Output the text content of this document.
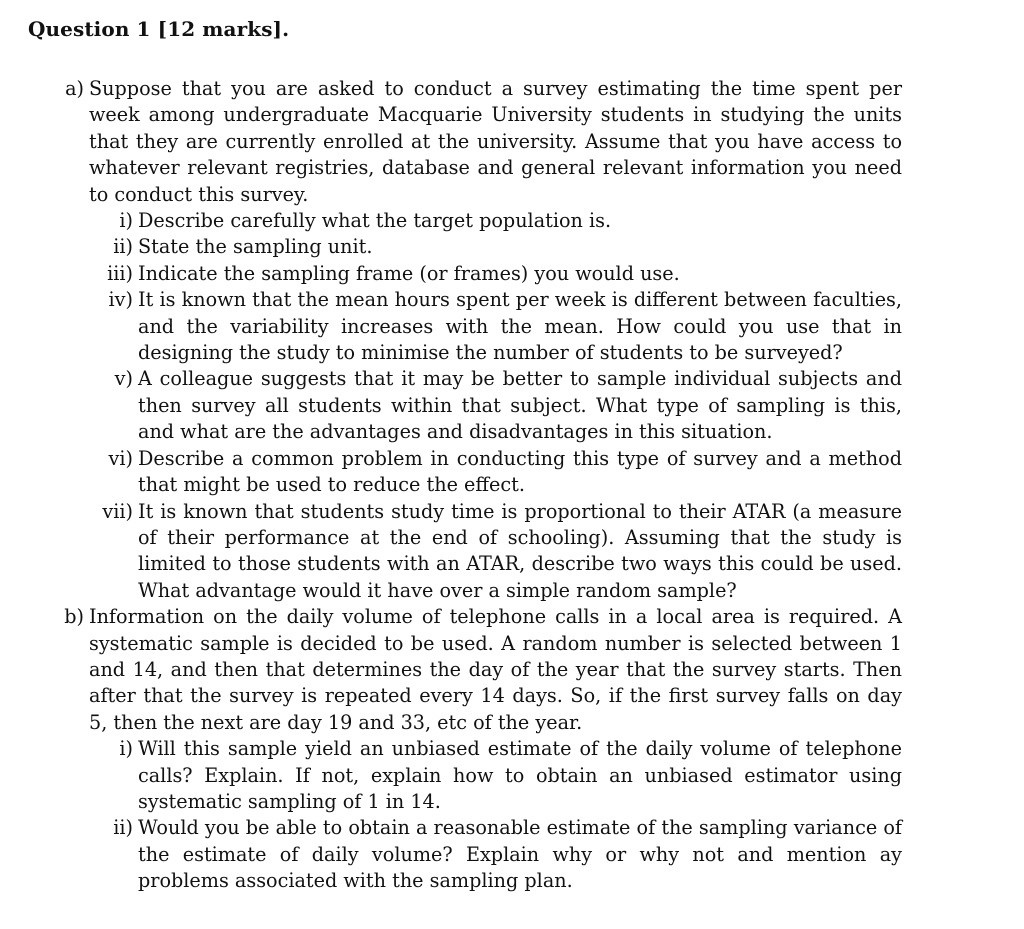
Question 1 [12 marks].
a) Suppose that you are asked to conduct a survey estimating the time spent per week among undergraduate Macquarie University students in studying the units that they are currently enrolled at the university. Assume that you have access to whatever relevant registries, database and general relevant information you need to conduct this survey.
i) Describe carefully what the target population is.
ii) State the sampling unit.
iii) Indicate the sampling frame (or frames) you would use.
iv) It is known that the mean hours spent per week is different between faculties, and the variability increases with the mean. How could you use that in designing the study to minimise the number of students to be surveyed?
v) A colleague suggests that it may be better to sample individual subjects and then survey all students within that subject. What type of sampling is this, and what are the advantages and disadvantages in this situation.
vi) Describe a common problem in conducting this type of survey and a method that might be used to reduce the effect.
vii) It is known that students study time is proportional to their ATAR (a measure of their performance at the end of schooling). Assuming that the study is limited to those students with an ATAR, describe two ways this could be used. What advantage would it have over a simple random sample?
b) Information on the daily volume of telephone calls in a local area is required. A systematic sample is decided to be used. A random number is selected between 1 and 14, and then that determines the day of the year that the survey starts. Then after that the survey is repeated every 14 days. So, if the first survey falls on day 5, then the next are day 19 and 33, etc of the year.
i) Will this sample yield an unbiased estimate of the daily volume of telephone calls? Explain. If not, explain how to obtain an unbiased estimator using systematic sampling of 1 in 14.
ii) Would you be able to obtain a reasonable estimate of the sampling variance of the estimate of daily volume? Explain why or why not and mention ay problems associated with the sampling plan.
